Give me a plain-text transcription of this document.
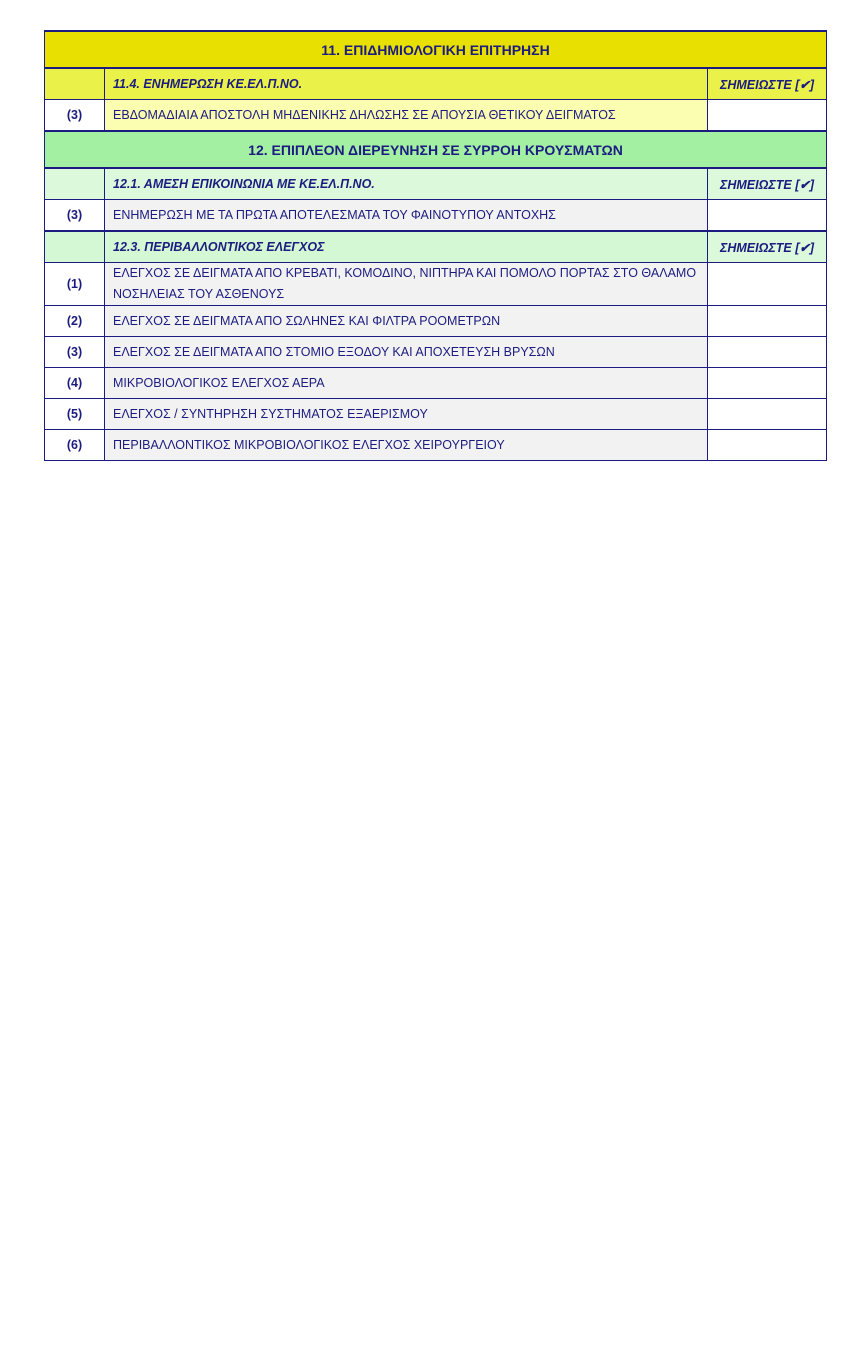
11. ΕΠΙΔΗΜΙΟΛΟΓΙΚΗ ΕΠΙΤΗΡΗΣΗ		
	11.4. ΕΝΗΜΕΡΩΣΗ ΚΕ.ΕΛ.Π.ΝΟ.	ΣΗΜΕΙΩΣΤΕ [✔]
(3)	ΕΒΔΟΜΑΔΙΑΙΑ ΑΠΟΣΤΟΛΗ ΜΗΔΕΝΙΚΗΣ ΔΗΛΩΣΗΣ ΣΕ ΑΠΟΥΣΙΑ ΘΕΤΙΚΟΥ ΔΕΙΓΜΑΤΟΣ	
12. ΕΠΙΠΛΕΟΝ ΔΙΕΡΕΥΝΗΣΗ ΣΕ ΣΥΡΡΟΗ ΚΡΟΥΣΜΑΤΩΝ		
	12.1. ΑΜΕΣΗ ΕΠΙΚΟΙΝΩΝΙΑ ΜΕ ΚΕ.ΕΛ.Π.ΝΟ.	ΣΗΜΕΙΩΣΤΕ [✔]
(3)	ΕΝΗΜΕΡΩΣΗ ΜΕ ΤΑ ΠΡΩΤΑ ΑΠΟΤΕΛΕΣΜΑΤΑ ΤΟΥ ΦΑΙΝΟΤΥΠΟΥ ΑΝΤΟΧΗΣ	
	12.3. ΠΕΡΙΒΑΛΛΟΝΤΙΚΟΣ ΕΛΕΓΧΟΣ	ΣΗΜΕΙΩΣΤΕ [✔]
(1)	ΕΛΕΓΧΟΣ ΣΕ ΔΕΙΓΜΑΤΑ ΑΠΟ ΚΡΕΒΑΤΙ, ΚΟΜΟΔΙΝΟ, ΝΙΠΤΗΡΑ ΚΑΙ ΠΟΜΟΛΟ ΠΟΡΤΑΣ ΣΤΟ ΘΑΛΑΜΟ ΝΟΣΗΛΕΙΑΣ ΤΟΥ ΑΣΘΕΝΟΥΣ	
(2)	ΕΛΕΓΧΟΣ ΣΕ ΔΕΙΓΜΑΤΑ ΑΠΟ ΣΩΛΗΝΕΣ ΚΑΙ ΦΙΛΤΡΑ ΡΟΟΜΕΤΡΩΝ	
(3)	ΕΛΕΓΧΟΣ ΣΕ ΔΕΙΓΜΑΤΑ ΑΠΟ ΣΤΟΜΙΟ ΕΞΟΔΟΥ ΚΑΙ ΑΠΟΧΕΤΕΥΣΗ ΒΡΥΣΩΝ	
(4)	ΜΙΚΡΟΒΙΟΛΟΓΙΚΟΣ ΕΛΕΓΧΟΣ ΑΕΡΑ	
(5)	ΕΛΕΓΧΟΣ / ΣΥΝΤΗΡΗΣΗ ΣΥΣΤΗΜΑΤΟΣ ΕΞΑΕΡΙΣΜΟΥ	
(6)	ΠΕΡΙΒΑΛΛΟΝΤΙΚΟΣ ΜΙΚΡΟΒΙΟΛΟΓΙΚΟΣ ΕΛΕΓΧΟΣ ΧΕΙΡΟΥΡΓΕΙΟΥ	
